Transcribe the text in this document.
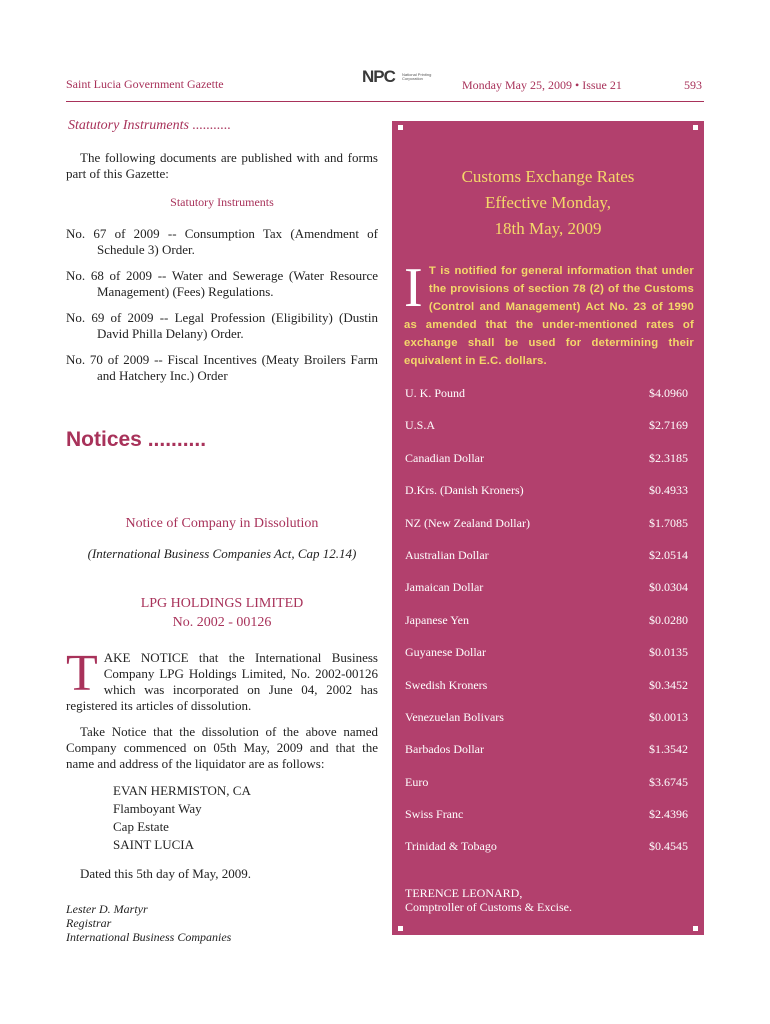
Saint Lucia Government Gazette	NPC National Printing Corporation	Monday May 25, 2009 • Issue 21	593
Statutory Instruments ...........
The following documents are published with and forms part of this Gazette:
Statutory Instruments
No. 67 of 2009 -- Consumption Tax (Amendment of Schedule 3) Order.
No. 68 of 2009 -- Water and Sewerage (Water Resource Management) (Fees) Regulations.
No. 69 of 2009 -- Legal Profession (Eligibility) (Dustin David Philla Delany) Order.
No. 70 of 2009 -- Fiscal Incentives (Meaty Broilers Farm and Hatchery Inc.) Order
Notices ..........
Notice of Company in Dissolution
(International Business Companies Act, Cap 12.14)
LPG HOLDINGS LIMITED
No. 2002 - 00126
T AKE NOTICE that the International Business Company LPG Holdings Limited, No. 2002-00126 which was incorporated on June 04, 2002 has registered its articles of dissolution.
Take Notice that the dissolution of the above named Company commenced on 05th May, 2009 and that the name and address of the liquidator are as follows:
EVAN HERMISTON, CA
Flamboyant Way
Cap Estate
SAINT LUCIA
Dated this 5th day of May, 2009.
Lester D. Martyr
Registrar
International Business Companies
Customs Exchange Rates
Effective Monday,
18th May, 2009
I T is notified for general information that under the provisions of section 78 (2) of the Customs (Control and Management) Act No. 23 of 1990 as amended that the under-mentioned rates of exchange shall be used for determining their equivalent in E.C. dollars.
U. K. Pound	$4.0960
U.S.A	$2.7169
Canadian Dollar	$2.3185
D.Krs. (Danish Kroners)	$0.4933
NZ (New Zealand Dollar)	$1.7085
Australian Dollar	$2.0514
Jamaican Dollar	$0.0304
Japanese Yen	$0.0280
Guyanese Dollar	$0.0135
Swedish Kroners	$0.3452
Venezuelan Bolivars	$0.0013
Barbados Dollar	$1.3542
Euro	$3.6745
Swiss Franc	$2.4396
Trinidad & Tobago	$0.4545
TERENCE LEONARD,
Comptroller of Customs & Excise.
